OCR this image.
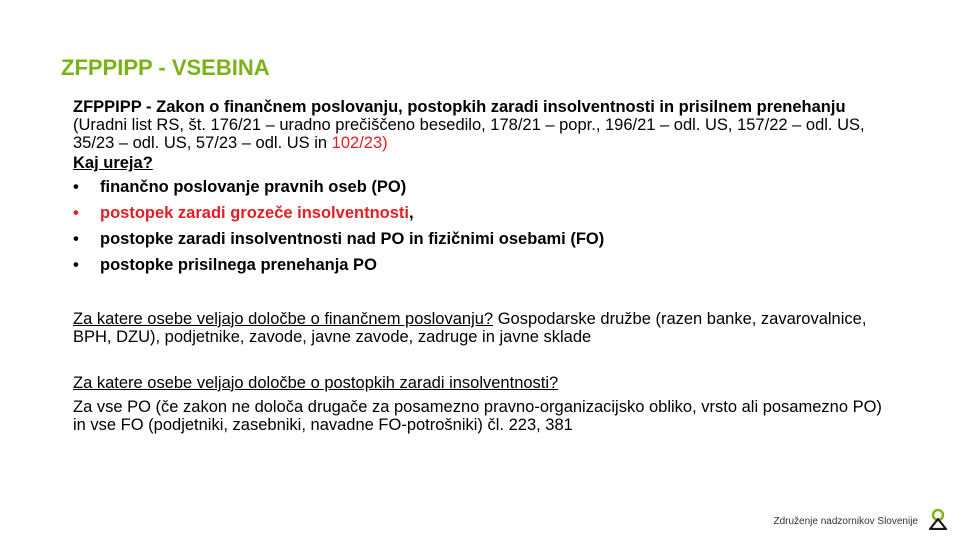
ZFPPIPP - VSEBINA

ZFPPIPP - Zakon o finančnem poslovanju, postopkih zaradi insolventnosti in prisilnem prenehanju (Uradni list RS, št. 176/21 – uradno prečiščeno besedilo, 178/21 – popr., 196/21 – odl. US, 157/22 – odl. US, 35/23 – odl. US, 57/23 – odl. US in 102/23)

Kaj ureja?

• finančno poslovanje pravnih oseb (PO)
• postopek zaradi grozeče insolventnosti,
• postopke zaradi insolventnosti nad PO in fizičnimi osebami (FO)
• postopke prisilnega prenehanja PO

Za katere osebe veljajo določbe o finančnem poslovanju? Gospodarske družbe (razen banke, zavarovalnice, BPH, DZU), podjetnike, zavode, javne zavode, zadruge in javne sklade

Za katere osebe veljajo določbe o postopkih zaradi insolventnosti?

Za vse PO (če zakon ne določa drugače za posamezno pravno-organizacijsko obliko, vrsto ali posamezno PO) in vse FO (podjetniki, zasebniki, navadne FO-potrošniki) čl. 223, 381

Združenje nadzornikov Slovenije
